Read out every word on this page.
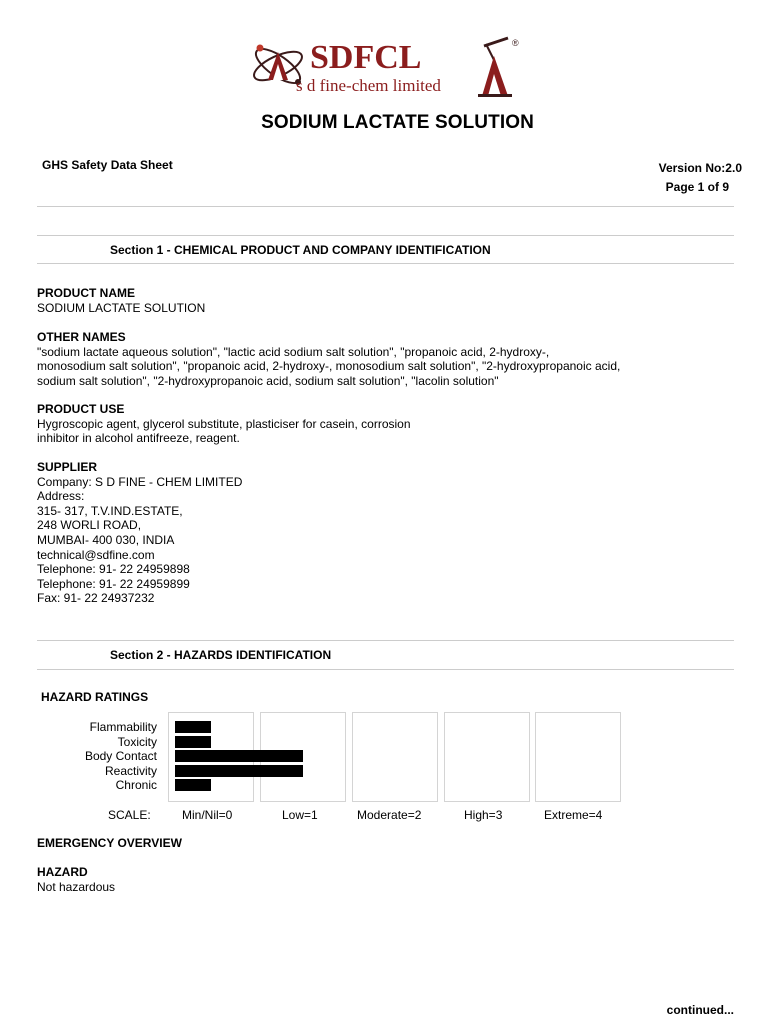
SDFCL
s d fine-chem limited
®
SODIUM LACTATE SOLUTION
GHS Safety Data Sheet	Version No:2.0
Page 1 of 9
Section 1 - CHEMICAL PRODUCT AND COMPANY IDENTIFICATION
PRODUCT NAME
SODIUM LACTATE SOLUTION
OTHER NAMES
"sodium lactate aqueous solution", "lactic acid sodium salt solution", "propanoic acid, 2-hydroxy-,
monosodium salt solution", "propanoic acid, 2-hydroxy-, monosodium salt solution", "2-hydroxypropanoic acid,
sodium salt solution", "2-hydroxypropanoic acid, sodium salt solution", "lacolin solution"
PRODUCT USE
Hygroscopic agent, glycerol substitute, plasticiser for casein, corrosion
inhibitor in alcohol antifreeze, reagent.
SUPPLIER
Company: S D FINE - CHEM LIMITED
Address:
315- 317, T.V.IND.ESTATE,
248 WORLI ROAD,
MUMBAI- 400 030, INDIA
technical@sdfine.com
Telephone: 91- 22 24959898
Telephone: 91- 22 24959899
Fax: 91- 22 24937232
Section 2 - HAZARDS IDENTIFICATION
HAZARD RATINGS
Flammability
Toxicity
Body Contact
Reactivity
Chronic
SCALE:	Min/Nil=0	Low=1	Moderate=2	High=3	Extreme=4
EMERGENCY OVERVIEW
HAZARD
Not hazardous
continued...
